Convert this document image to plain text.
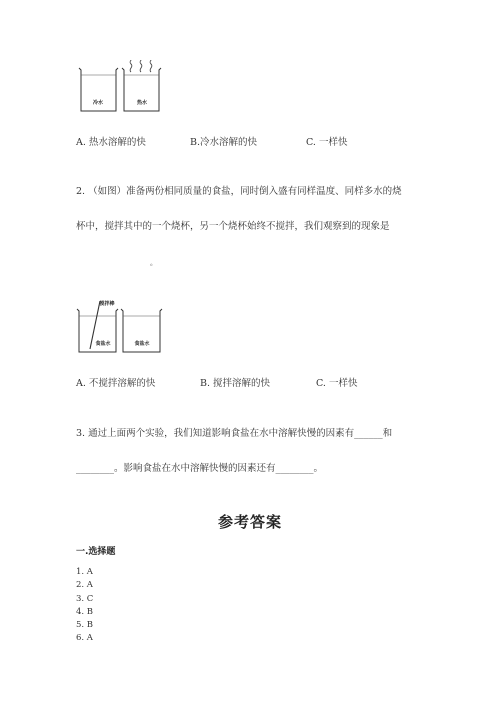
冷水	热水
A. 热水溶解的快	B.冷水溶解的快	C. 一样快
2. （如图）准备两份相同质量的食盐，同时倒入盛有同样温度、同样多水的烧
杯中，搅拌其中的一个烧杯，另一个烧杯始终不搅拌，我们观察到的现象是
。
搅拌棒
食盐水	食盐水
A. 不搅拌溶解的快	B. 搅拌溶解的快	C. 一样快
3. 通过上面两个实验，我们知道影响食盐在水中溶解快慢的因素有______和
________。影响食盐在水中溶解快慢的因素还有________。
参考答案
一.选择题
1. A
2. A
3. C
4. B
5. B
6. A
